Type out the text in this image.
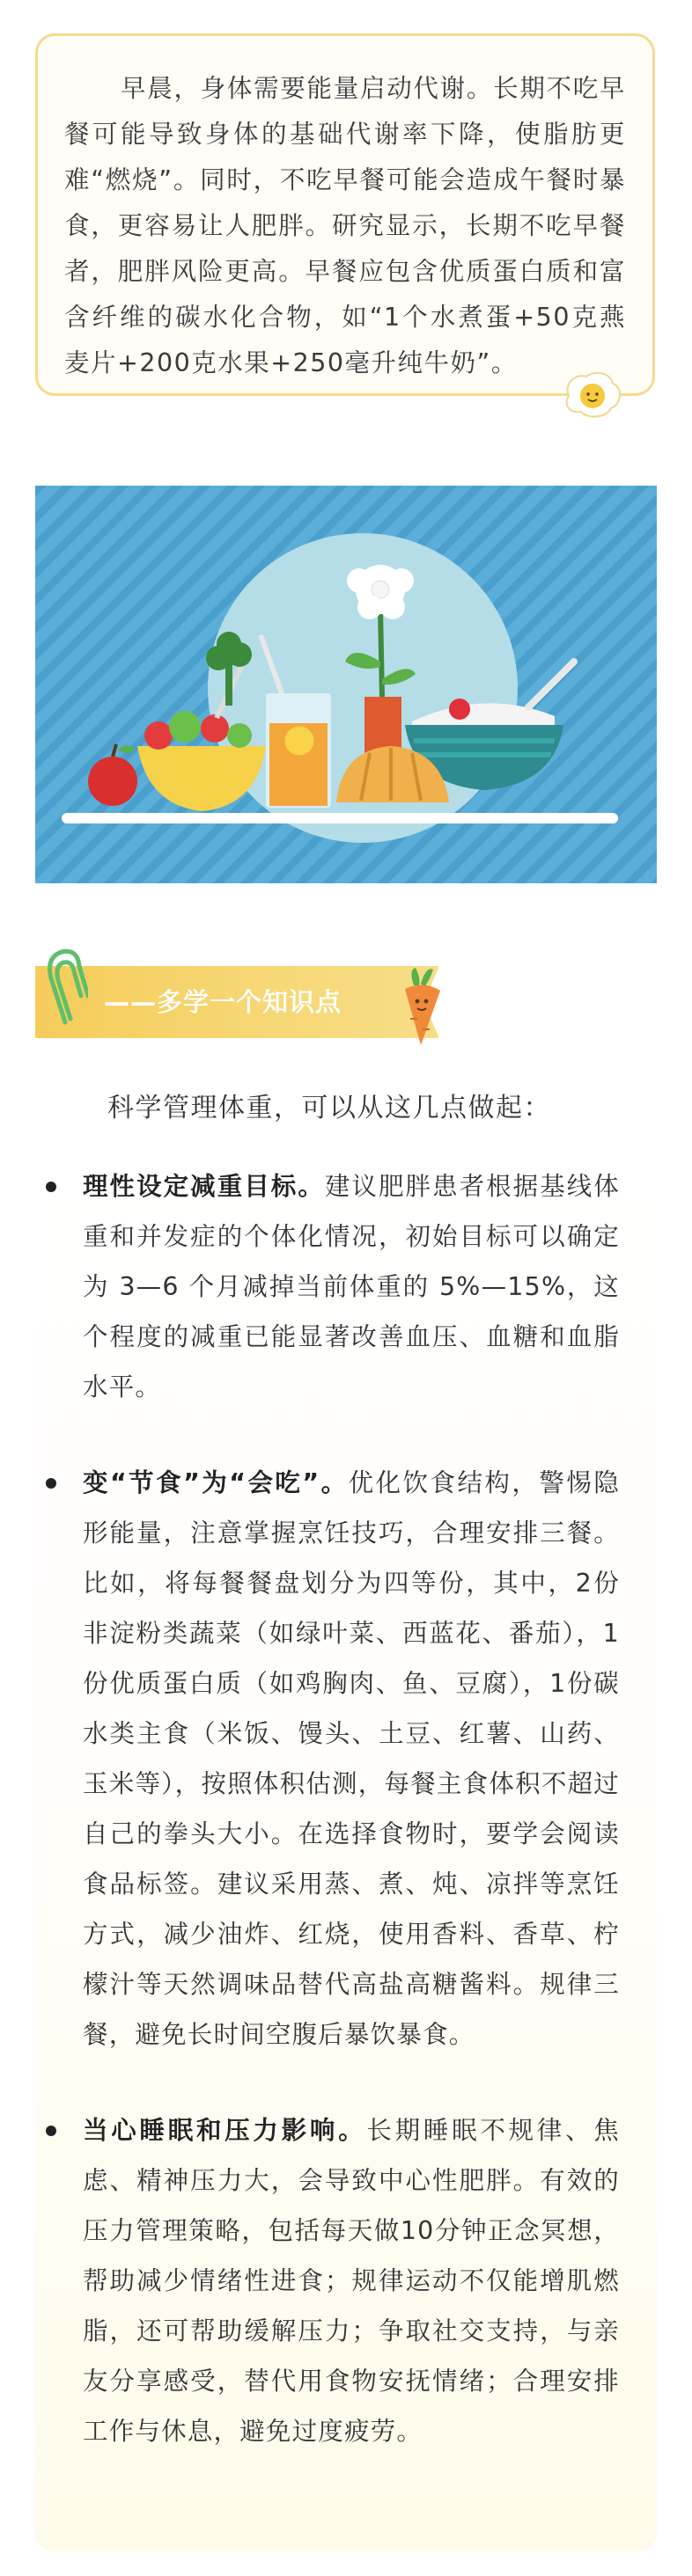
早晨，身体需要能量启动代谢。长期不吃早餐可能导致身体的基础代谢率下降，使脂肪更难“燃烧”。同时，不吃早餐可能会造成午餐时暴食，更容易让人肥胖。研究显示，长期不吃早餐者，肥胖风险更高。早餐应包含优质蛋白质和富含纤维的碳水化合物，如“1个水煮蛋+50克燕麦片+200克水果+250毫升纯牛奶”。

——多学一个知识点
科学管理体重，可以从这几点做起：
理性设定减重目标。建议肥胖患者根据基线体重和并发症的个体化情况，初始目标可以确定为 3—6 个月减掉当前体重的 5%—15%，这个程度的减重已能显著改善血压、血糖和血脂水平。
变“节食”为“会吃”。优化饮食结构，警惕隐形能量，注意掌握烹饪技巧，合理安排三餐。比如，将每餐餐盘划分为四等份，其中，2份非淀粉类蔬菜（如绿叶菜、西蓝花、番茄），1份优质蛋白质（如鸡胸肉、鱼、豆腐），1份碳水类主食（米饭、馒头、土豆、红薯、山药、玉米等），按照体积估测，每餐主食体积不超过自己的拳头大小。在选择食物时，要学会阅读食品标签。建议采用蒸、煮、炖、凉拌等烹饪方式，减少油炸、红烧，使用香料、香草、柠檬汁等天然调味品替代高盐高糖酱料。规律三餐，避免长时间空腹后暴饮暴食。
当心睡眠和压力影响。长期睡眠不规律、焦虑、精神压力大，会导致中心性肥胖。有效的压力管理策略，包括每天做10分钟正念冥想，帮助减少情绪性进食；规律运动不仅能增肌燃脂，还可帮助缓解压力；争取社交支持，与亲友分享感受，替代用食物安抚情绪；合理安排工作与休息，避免过度疲劳。
